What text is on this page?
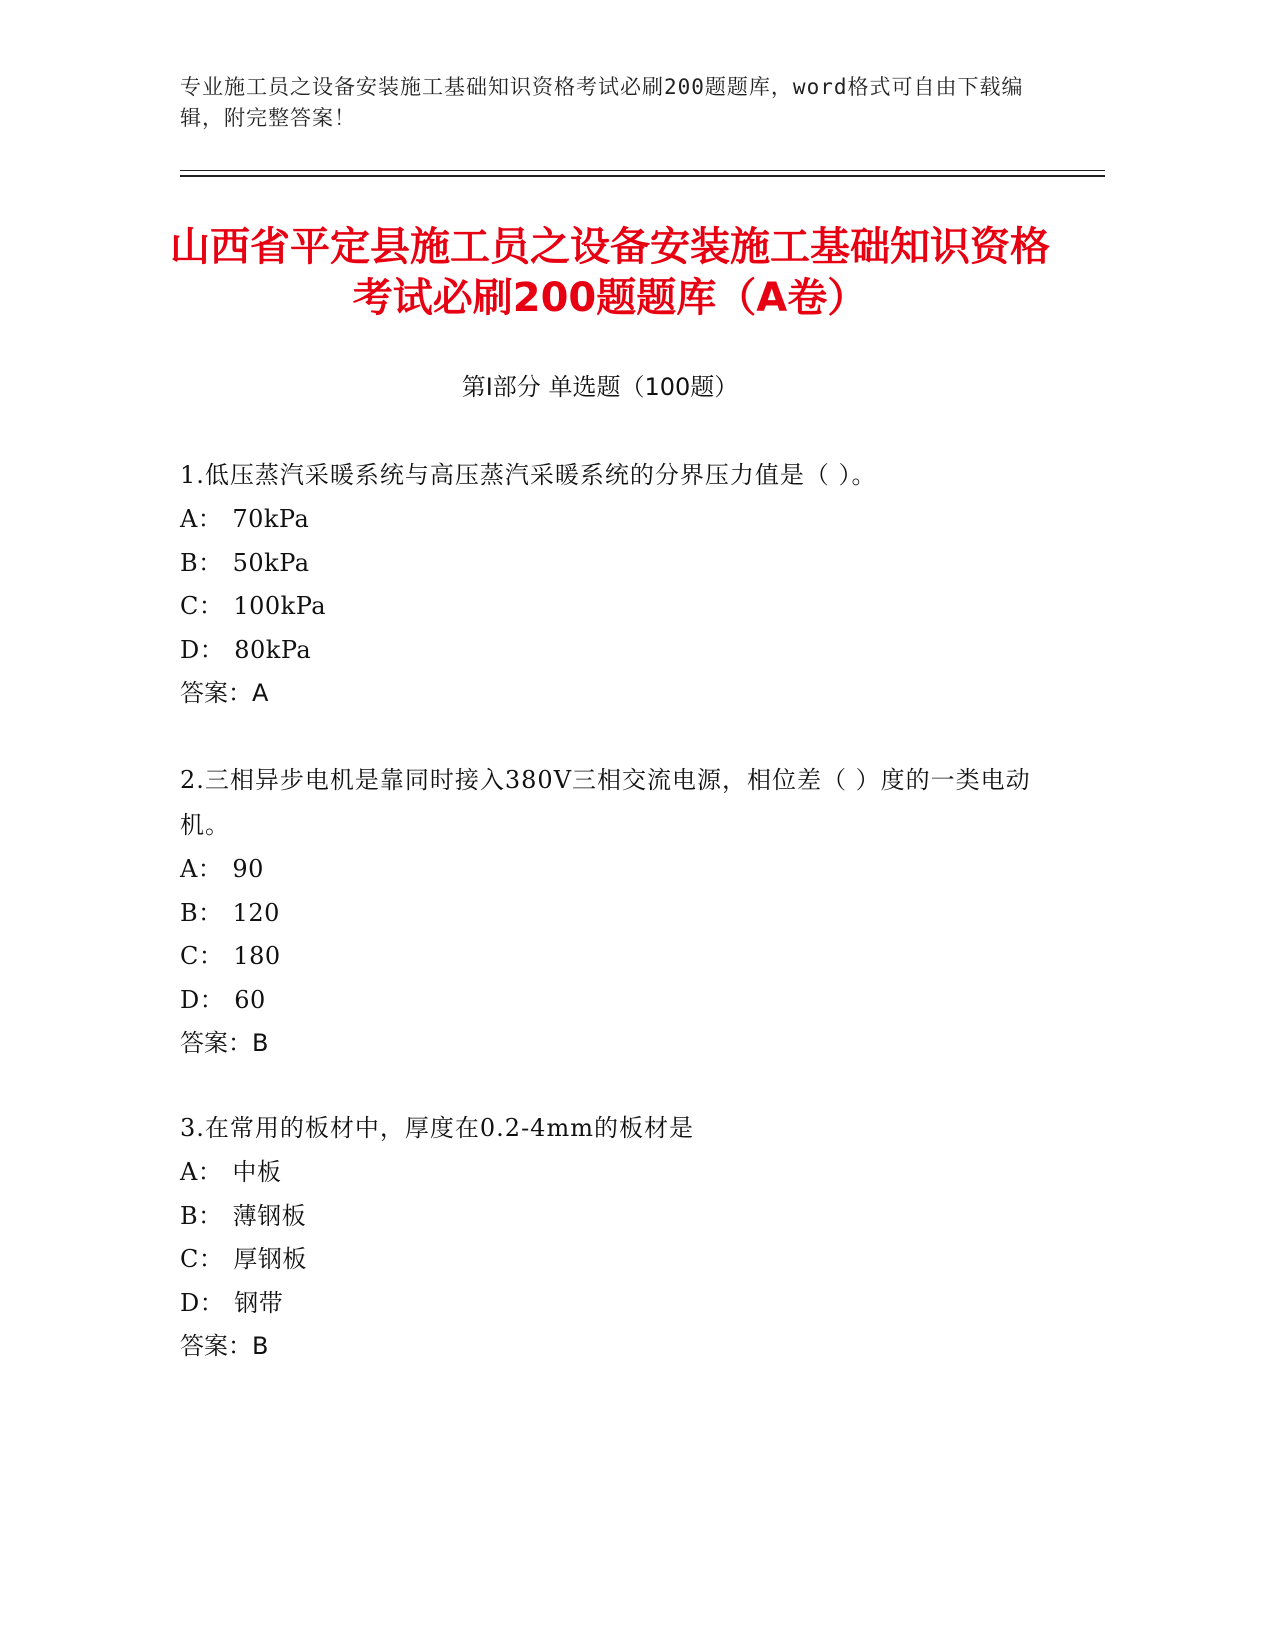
专业施工员之设备安装施工基础知识资格考试必刷200题题库，word格式可自由下载编辑，附完整答案！
山西省平定县施工员之设备安装施工基础知识资格考试必刷200题题库（A卷）
第Ⅰ部分 单选题（100题）
1.低压蒸汽采暖系统与高压蒸汽采暖系统的分界压力值是（ ）。
A： 70kPa
B： 50kPa
C： 100kPa
D： 80kPa
答案：A
2.三相异步电机是靠同时接入380V三相交流电源，相位差（ ）度的一类电动机。
A： 90
B： 120
C： 180
D： 60
答案：B
3.在常用的板材中，厚度在0.2-4mm的板材是
A： 中板
B： 薄钢板
C： 厚钢板
D： 钢带
答案：B
